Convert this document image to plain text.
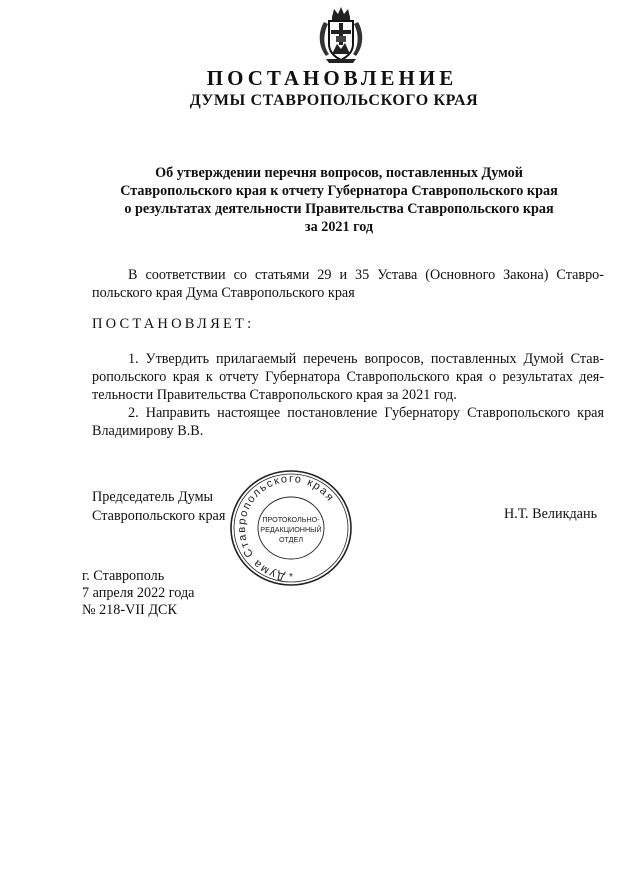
ПОСТАНОВЛЕНИЕ
ДУМЫ СТАВРОПОЛЬСКОГО КРАЯ
Об утверждении перечня вопросов, поставленных Думой
Ставропольского края к отчету Губернатора Ставропольского края
о результатах деятельности Правительства Ставропольского края
за 2021 год
В соответствии со статьями 29 и 35 Устава (Основного Закона) Ставро-
польского края Дума Ставропольского края
ПОСТАНОВЛЯЕТ:
1. Утвердить прилагаемый перечень вопросов, поставленных Думой Став-
ропольского края к отчету Губернатора Ставропольского края о результатах дея-
тельности Правительства Ставропольского края за 2021 год.
2. Направить настоящее постановление Губернатору Ставропольского края
Владимирову В.В.
Председатель Думы
Ставропольского края	Н.Т. Великдань
Дума Ставропольского края
ПРОТОКОЛЬНО-
РЕДАКЦИОННЫЙ
ОТДЕЛ
*
г. Ставрополь
7 апреля 2022 года
№ 218-VII ДСК
